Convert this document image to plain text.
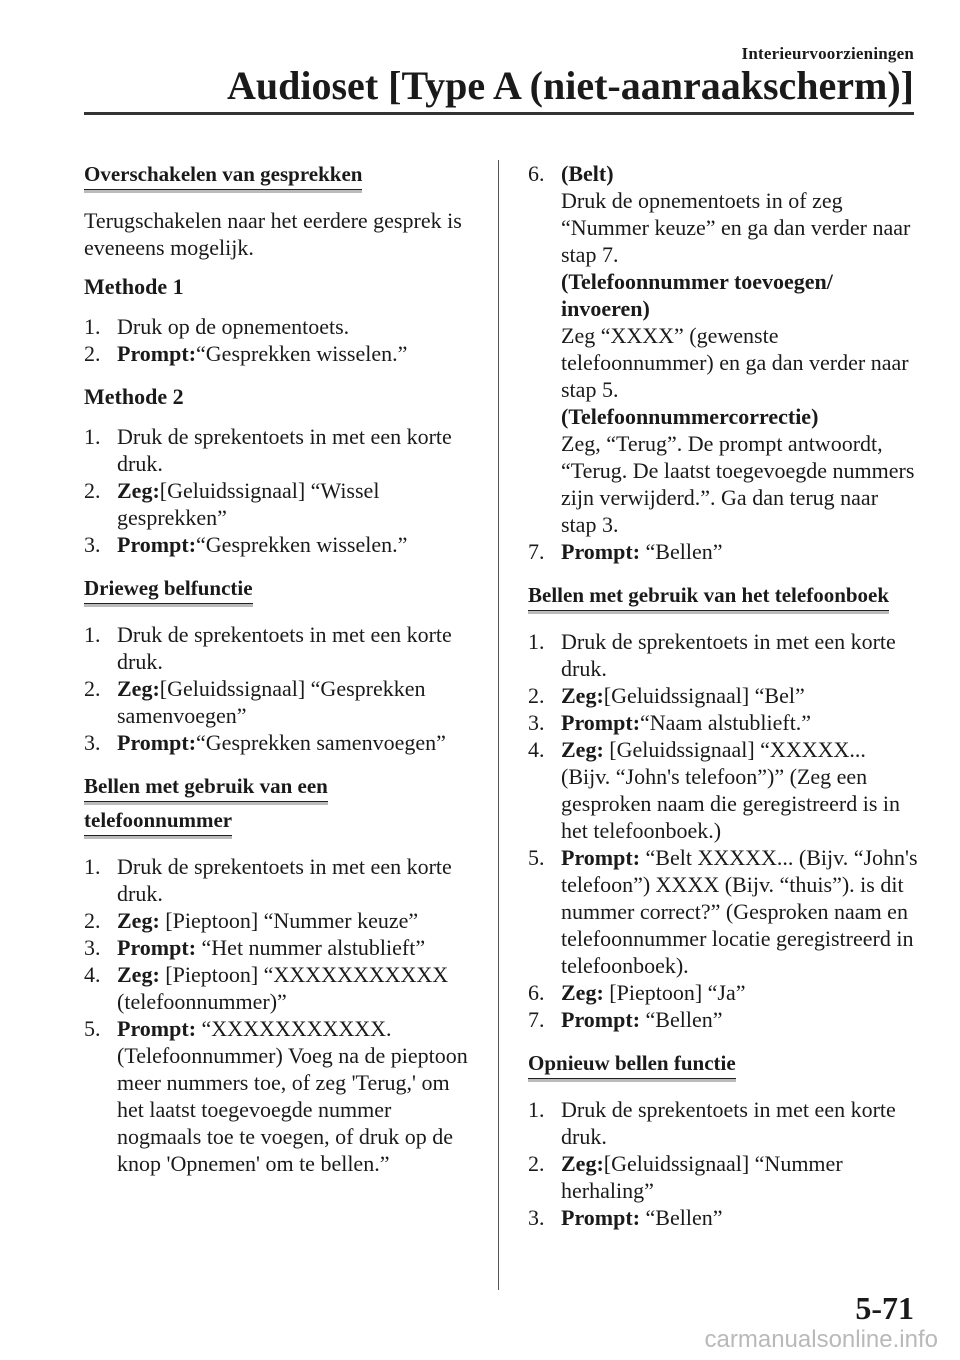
Interieurvoorzieningen
Audioset [Type A (niet-aanraakscherm)]
Overschakelen van gesprekken
Terugschakelen naar het eerdere gesprek is eveneens mogelijk.
Methode 1
1. Druk op de opnementoets.
2. Prompt:“Gesprekken wisselen.”
Methode 2
1. Druk de sprekentoets in met een korte druk.
2. Zeg:[Geluidssignaal] “Wissel gesprekken”
3. Prompt:“Gesprekken wisselen.”
Drieweg belfunctie
1. Druk de sprekentoets in met een korte druk.
2. Zeg:[Geluidssignaal] “Gesprekken samenvoegen”
3. Prompt:“Gesprekken samenvoegen”
Bellen met gebruik van een
telefoonnummer
1. Druk de sprekentoets in met een korte druk.
2. Zeg: [Pieptoon] “Nummer keuze”
3. Prompt: “Het nummer alstublieft”
4. Zeg: [Pieptoon] “XXXXXXXXXXX (telefoonnummer)”
5. Prompt: “XXXXXXXXXXX. (Telefoonnummer) Voeg na de pieptoon meer nummers toe, of zeg 'Terug,' om het laatst toegevoegde nummer nogmaals toe te voegen, of druk op de knop 'Opnemen' om te bellen.”
6. (Belt)
Druk de opnementoets in of zeg “Nummer keuze” en ga dan verder naar stap 7.
(Telefoonnummer toevoegen/ invoeren)
Zeg “XXXX” (gewenste telefoonnummer) en ga dan verder naar stap 5.
(Telefoonnummercorrectie)
Zeg, “Terug”. De prompt antwoordt, “Terug. De laatst toegevoegde nummers zijn verwijderd.”. Ga dan terug naar stap 3.
7. Prompt: “Bellen”
Bellen met gebruik van het telefoonboek
1. Druk de sprekentoets in met een korte druk.
2. Zeg:[Geluidssignaal] “Bel”
3. Prompt:“Naam alstublieft.”
4. Zeg: [Geluidssignaal] “XXXXX... (Bijv. “John's telefoon”)” (Zeg een gesproken naam die geregistreerd is in het telefoonboek.)
5. Prompt: “Belt XXXXX... (Bijv. “John's telefoon”) XXXX (Bijv. “thuis”). is dit nummer correct?” (Gesproken naam en telefoonnummer locatie geregistreerd in telefoonboek).
6. Zeg: [Pieptoon] “Ja”
7. Prompt: “Bellen”
Opnieuw bellen functie
1. Druk de sprekentoets in met een korte druk.
2. Zeg:[Geluidssignaal] “Nummer herhaling”
3. Prompt: “Bellen”
5-71
carmanualsonline.info
